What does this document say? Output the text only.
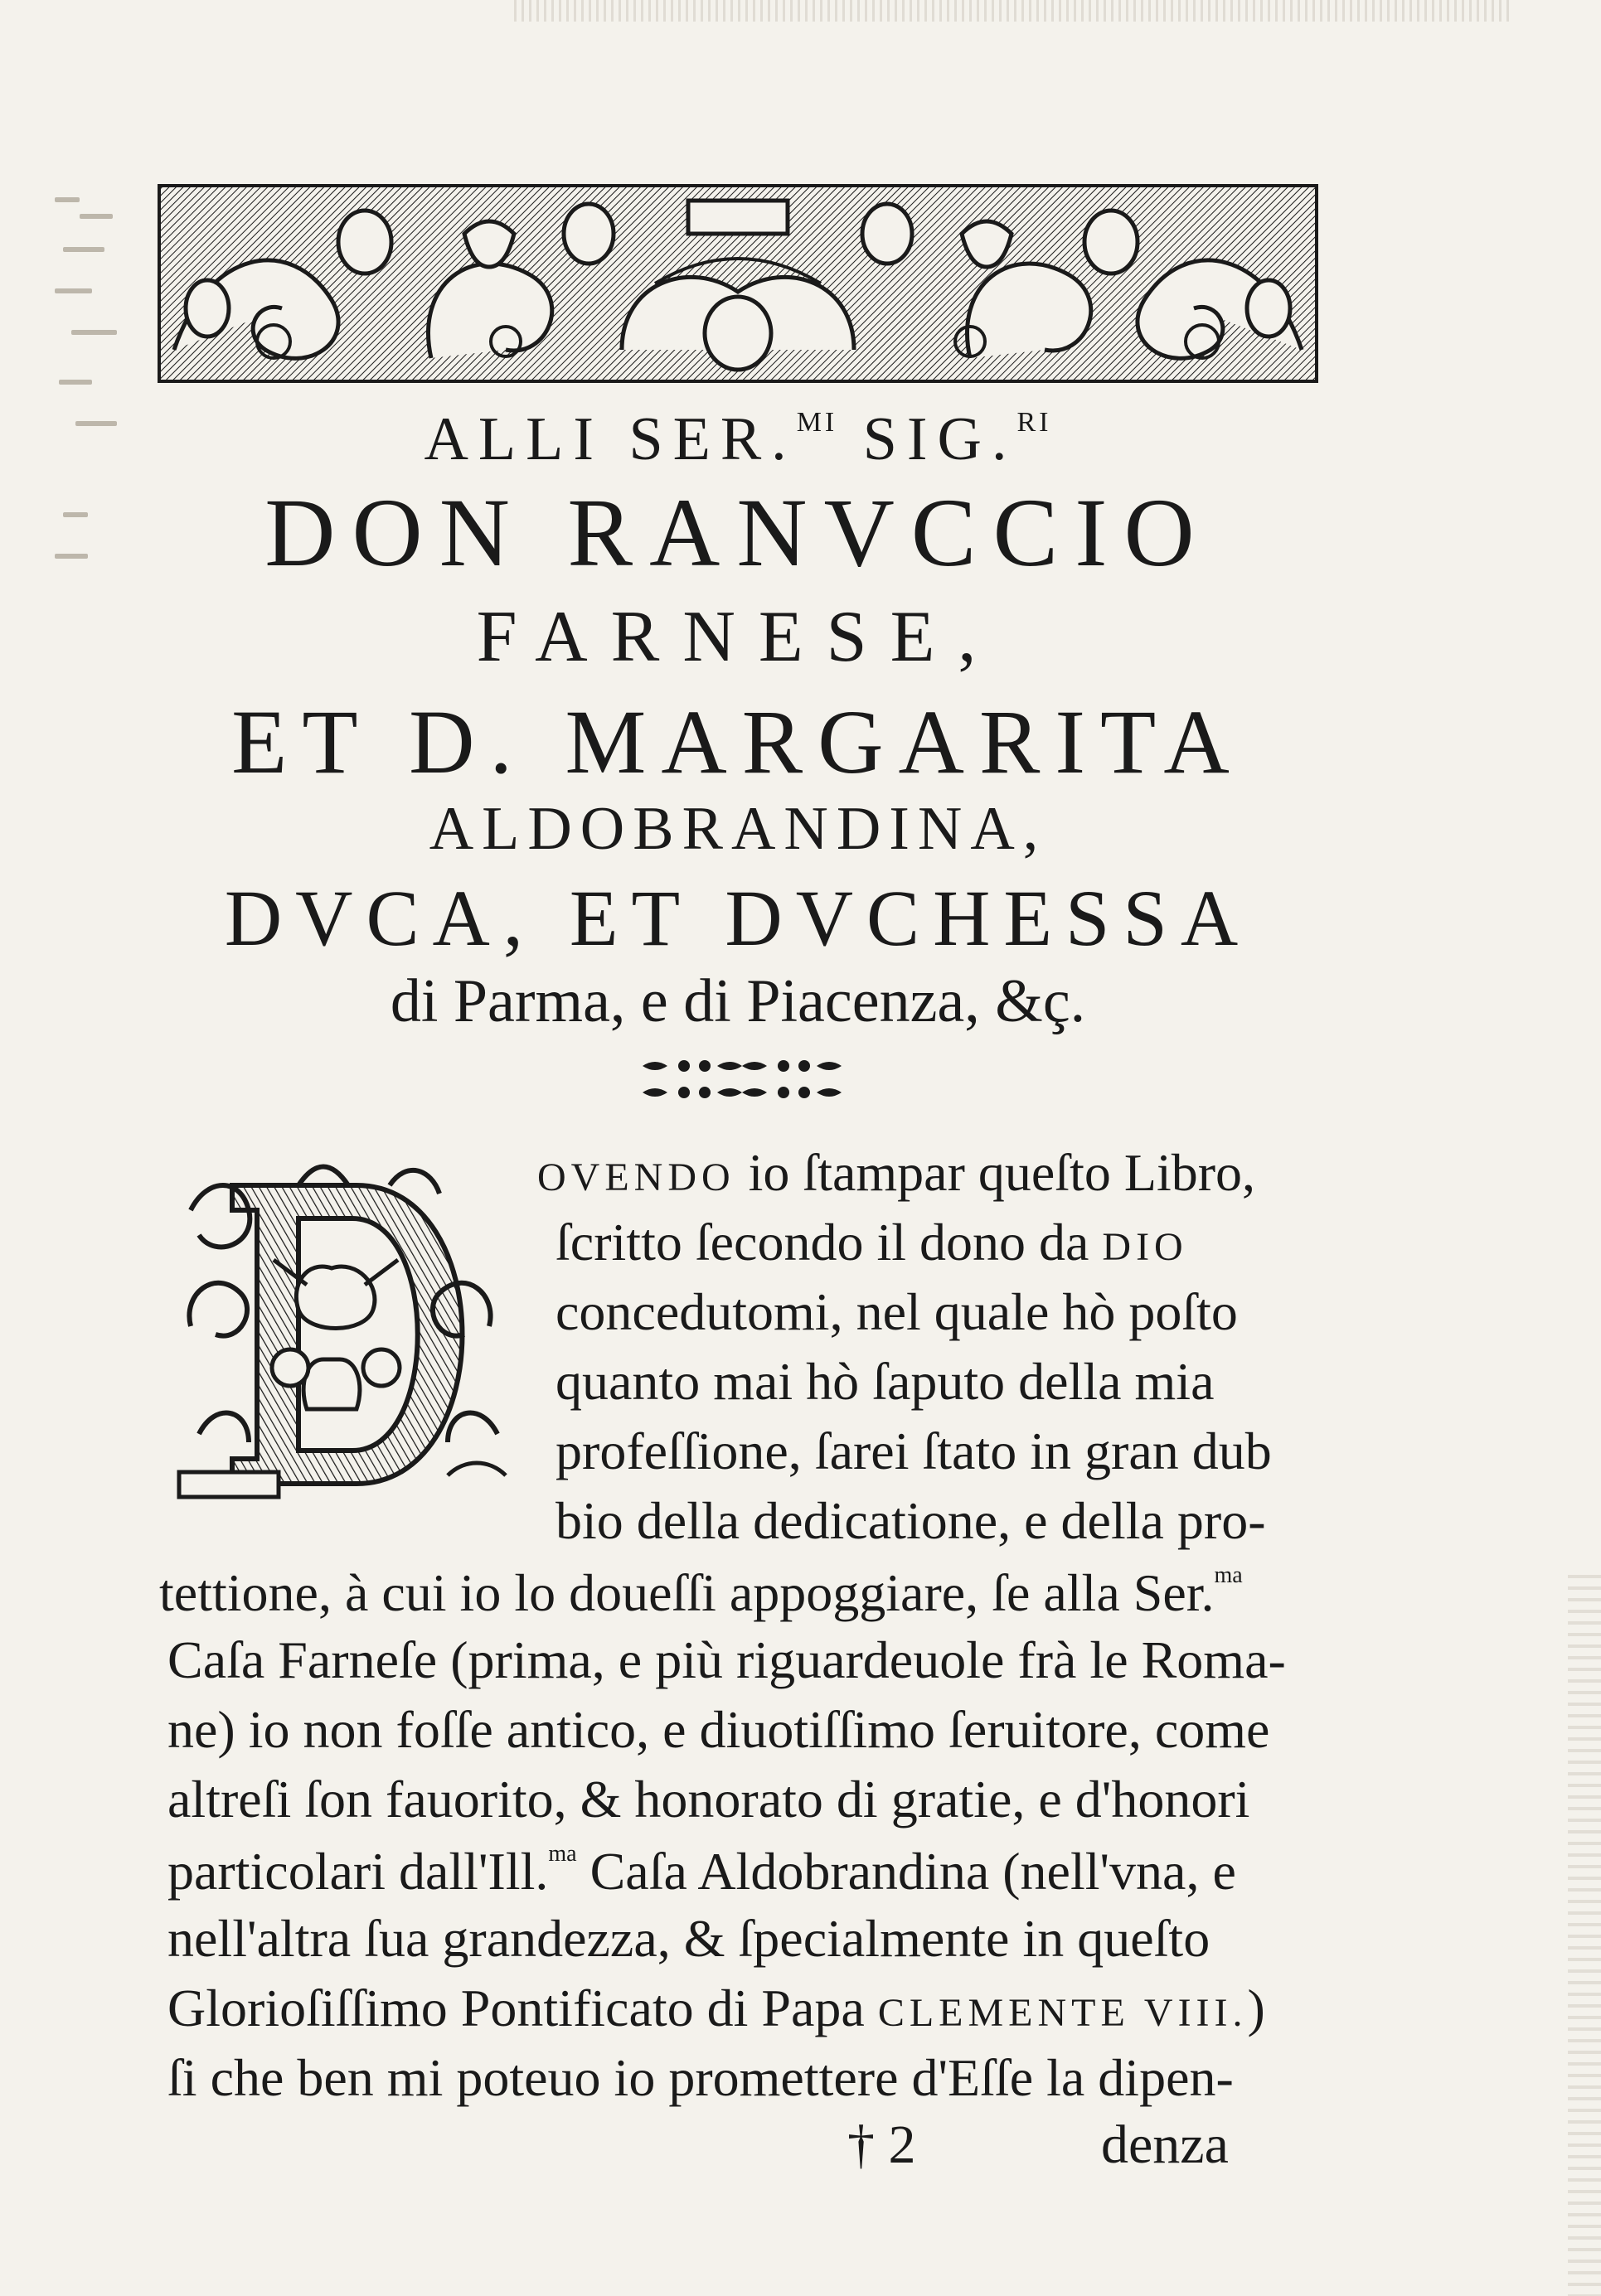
ALLI SER.$^{MI}$ SIG.$^{RI}$
DON RANVCCIO
FARNESE,
ET D. MARGARITA
ALDOBRANDINA,
DVCA, ET DVCHESSA
di Parma, e di Piacenza, &ç.

OVENDO io ſtampar queſto Libro,

ſcritto ſecondo il dono da DIO

concedutomi, nel quale hò poſto

quanto mai hò ſaputo della mia

profeſſione, ſarei ſtato in gran dub

bio della dedicatione, e della pro-

tettione, à cui io lo doueſſi appoggiare, ſe alla Ser.$^{ma}$

Caſa Farneſe (prima, e più riguardeuole frà le Roma-

ne) io non foſſe antico, e diuotiſſimo ſeruitore, come

altreſi ſon fauorito, & honorato di gratie, e d'honori

particolari dall'Ill.$^{ma}$ Caſa Aldobrandina (nell'vna, e

nell'altra ſua grandezza, & ſpecialmente in queſto

Glorioſiſſimo Pontificato di Papa CLEMENTE VIII.)

ſi che ben mi poteuo io promettere d'Eſſe la dipen-

† 2	denza
